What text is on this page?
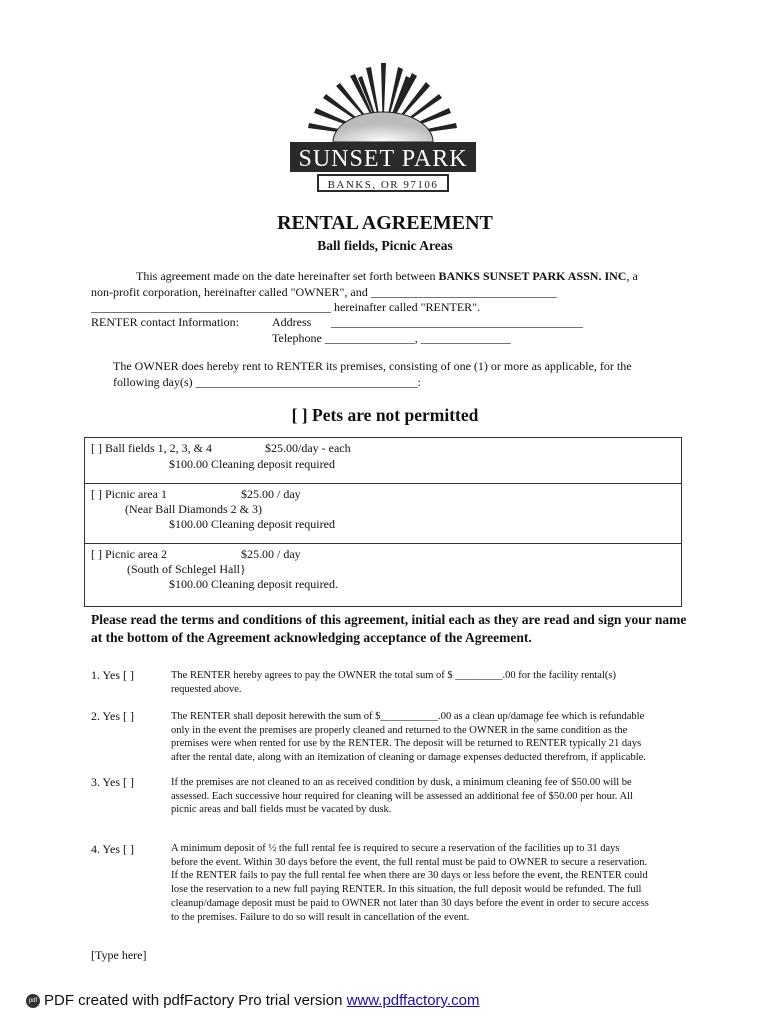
SUNSET PARK
BANKS, OR 97106
RENTAL AGREEMENT
Ball fields, Picnic Areas
This agreement made on the date hereinafter set forth between BANKS SUNSET PARK ASSN. INC, a
non-profit corporation, hereinafter called "OWNER", and _______________________________
________________________________________ hereinafter called "RENTER".
RENTER contact Information:	Address __________________________________________
Telephone _______________, _______________
The OWNER does hereby rent to RENTER its premises, consisting of one (1) or more as applicable, for the
following day(s) _____________________________________:
[ ] Pets are not permitted
[ ] Ball fields 1, 2, 3, & 4	$25.00/day - each
$100.00 Cleaning deposit required
[ ] Picnic area 1	$25.00 / day
(Near Ball Diamonds 2 & 3)
$100.00 Cleaning deposit required
[ ] Picnic area 2	$25.00 / day
(South of Schlegel Hall}
$100.00 Cleaning deposit required.
Please read the terms and conditions of this agreement, initial each as they are read and sign your name at the bottom of the Agreement acknowledging acceptance of the Agreement.
1. Yes [ ]	The RENTER hereby agrees to pay the OWNER the total sum of $ _________.00 for the facility rental(s)
requested above.
2. Yes [ ]	The RENTER shall deposit herewith the sum of $___________.00 as a clean up/damage fee which is refundable
only in the event the premises are properly cleaned and returned to the OWNER in the same condition as the
premises were when rented for use by the RENTER. The deposit will be returned to RENTER typically 21 days
after the rental date, along with an itemization of cleaning or damage expenses deducted therefrom, if applicable.
3. Yes [ ]	If the premises are not cleaned to an as received condition by dusk, a minimum cleaning fee of $50.00 will be
assessed. Each successive hour required for cleaning will be assessed an additional fee of $50.00 per hour. All
picnic areas and ball fields must be vacated by dusk.
4. Yes [ ]	A minimum deposit of ½ the full rental fee is required to secure a reservation of the facilities up to 31 days
before the event. Within 30 days before the event, the full rental must be paid to OWNER to secure a reservation.
If the RENTER fails to pay the full rental fee when there are 30 days or less before the event, the RENTER could
lose the reservation to a new full paying RENTER. In this situation, the full deposit would be refunded. The full
cleanup/damage deposit must be paid to OWNER not later than 30 days before the event in order to secure access
to the premises. Failure to do so will result in cancellation of the event.
[Type here]
pdf PDF created with pdfFactory Pro trial version www.pdffactory.com
